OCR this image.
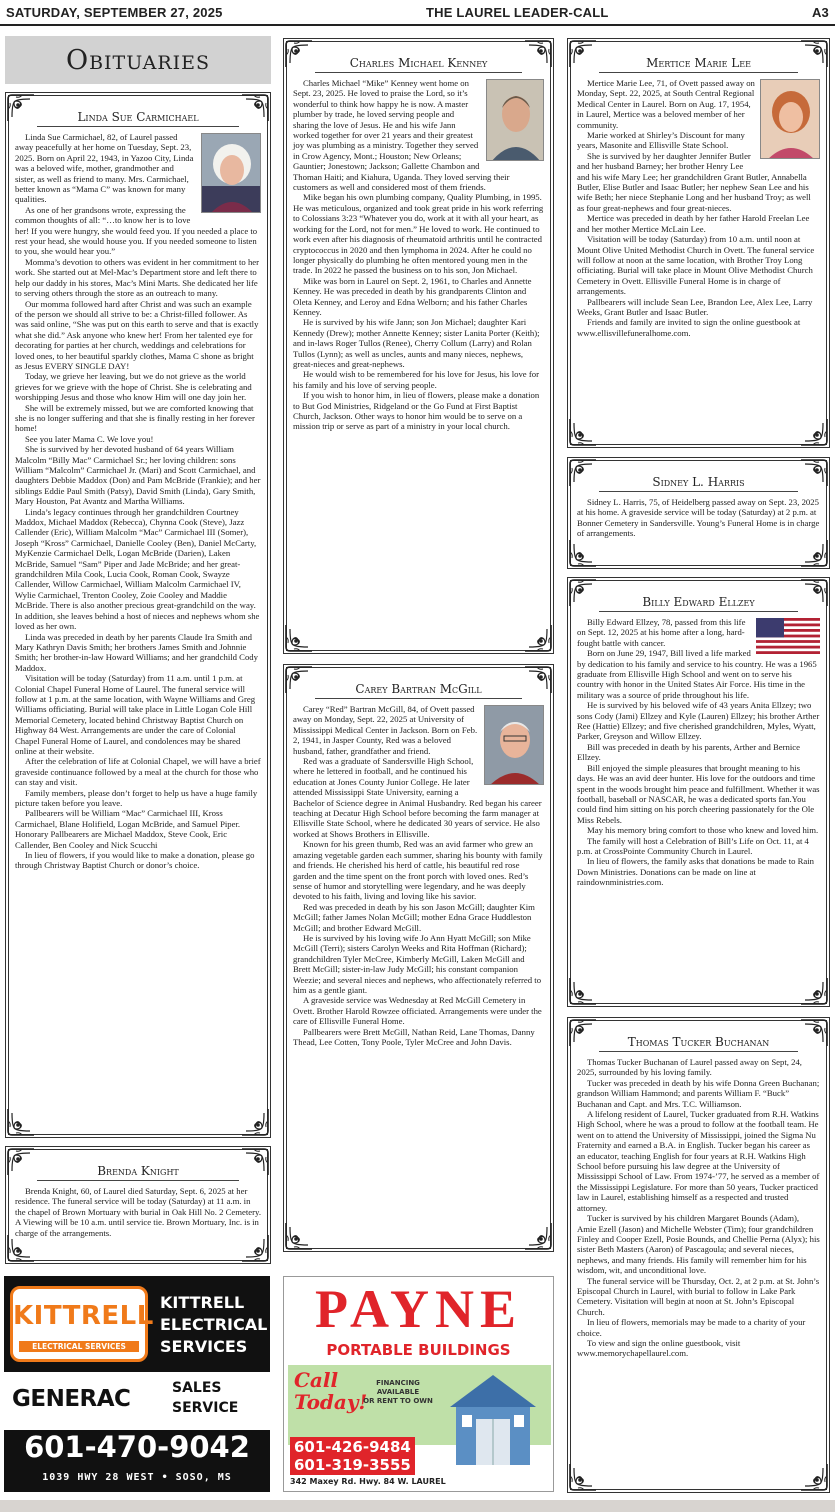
SATURDAY, SEPTEMBER 27, 2025	THE LAUREL LEADER-CALL	A3
Obituaries
Linda Sue Carmichael

Linda Sue Carmichael, 82, of Laurel passed away peacefully at her home on Tuesday, Sept. 23, 2025. Born on April 22, 1943, in Yazoo City, Linda was a beloved wife, mother, grandmother and sister, as well as friend to many. Mrs. Carmichael, better known as “Mama C” was known for many qualities.

As one of her grandsons wrote, expressing the common thoughts of all: “…to know her is to love her! If you were hungry, she would feed you. If you needed a place to rest your head, she would house you. If you needed someone to listen to you, she would hear you.”

Momma’s devotion to others was evident in her commitment to her work. She started out at Mel-Mac’s Department store and left there to help our daddy in his stores, Mac’s Mini Marts. She dedicated her life to serving others through the store as an outreach to many.

Our momma followed hard after Christ and was such an example of the person we should all strive to be: a Christ-filled follower. As was said online, “She was put on this earth to serve and that is exactly what she did.” Ask anyone who knew her! From her talented eye for decorating for parties at her church, weddings and celebrations for loved ones, to her beautiful sparkly clothes, Mama C shone as bright as Jesus EVERY SINGLE DAY!

Today, we grieve her leaving, but we do not grieve as the world grieves for we grieve with the hope of Christ. She is celebrating and worshipping Jesus and those who know Him will one day join her.

She will be extremely missed, but we are comforted knowing that she is no longer suffering and that she is finally resting in her forever home!

See you later Mama C. We love you!

She is survived by her devoted husband of 64 years William Malcolm “Billy Mac” Carmichael Sr.; her loving children: sons William “Malcolm” Carmichael Jr. (Mari) and Scott Carmichael, and daughters Debbie Maddox (Don) and Pam McBride (Frankie); and her siblings Eddie Paul Smith (Patsy), David Smith (Linda), Gary Smith, Mary Houston, Pat Avantz and Martha Williams.

Linda’s legacy continues through her grandchildren Courtney Maddox, Michael Maddox (Rebecca), Chynna Cook (Steve), Jazz Callender (Eric), William Malcolm “Mac” Carmichael III (Somer), Joseph “Kross” Carmichael, Danielle Cooley (Ben), Daniel McCarty, MyKenzie Carmichael Delk, Logan McBride (Darien), Laken McBride, Samuel “Sam” Piper and Jade McBride; and her great-grandchildren Mila Cook, Lucia Cook, Roman Cook, Swayze Callender, Willow Carmichael, William Malcolm Carmichael IV, Wylie Carmichael, Trenton Cooley, Zoie Cooley and Maddie McBride. There is also another precious great-grandchild on the way. In addition, she leaves behind a host of nieces and nephews whom she loved as her own.

Linda was preceded in death by her parents Claude Ira Smith and Mary Kathryn Davis Smith; her brothers James Smith and Johnnie Smith; her brother-in-law Howard Williams; and her grandchild Cody Maddox.

Visitation will be today (Saturday) from 11 a.m. until 1 p.m. at Colonial Chapel Funeral Home of Laurel. The funeral service will follow at 1 p.m. at the same location, with Wayne Williams and Greg Williams officiating. Burial will take place in Little Logan Cole Hill Memorial Cemetery, located behind Christway Baptist Church on Highway 84 West. Arrangements are under the care of Colonial Chapel Funeral Home of Laurel, and condolences may be shared online at their website.

After the celebration of life at Colonial Chapel, we will have a brief graveside continuance followed by a meal at the church for those who can stay and visit.

Family members, please don’t forget to help us have a huge family picture taken before you leave.

Pallbearers will be William “Mac” Carmichael III, Kross Carmichael, Blane Holifield, Logan McBride, and Samuel Piper. Honorary Pallbearers are Michael Maddox, Steve Cook, Eric Callender, Ben Cooley and Nick Scucchi

In lieu of flowers, if you would like to make a donation, please go through Christway Baptist Church or donor’s choice.

Brenda Knight

Brenda Knight, 60, of Laurel died Saturday, Sept. 6, 2025 at her residence. The funeral service will be today (Saturday) at 11 a.m. in the chapel of Brown Mortuary with burial in Oak Hill No. 2 Cemetery. A Viewing will be 10 a.m. until service tie. Brown Mortuary, Inc. is in charge of the arrangements.

Charles Michael Kenney

Charles Michael “Mike” Kenney went home on Sept. 23, 2025. He loved to praise the Lord, so it’s wonderful to think how happy he is now. A master plumber by trade, he loved serving people and sharing the love of Jesus. He and his wife Jann worked together for over 21 years and their greatest joy was plumbing as a ministry. Together they served in Crow Agency, Mont.; Houston; New Orleans; Gauntier; Jonestown; Jackson; Gallette Chambon and Thoman Haiti; and Kiahura, Uganda. They loved serving their customers as well and considered most of them friends.

Mike began his own plumbing company, Quality Plumbing, in 1995. He was meticulous, organized and took great pride in his work referring to Colossians 3:23 “Whatever you do, work at it with all your heart, as working for the Lord, not for men.” He loved to work. He continued to work even after his diagnosis of rheumatoid arthritis until he contracted cryptococcus in 2020 and then lymphoma in 2024. After he could no longer physically do plumbing he often mentored young men in the trade. In 2022 he passed the business on to his son, Jon Michael.

Mike was born in Laurel on Sept. 2, 1961, to Charles and Annette Kenney. He was preceded in death by his grandparents Clinton and Oleta Kenney, and Leroy and Edna Welborn; and his father Charles Kenney.

He is survived by his wife Jann; son Jon Michael; daughter Kari Kennedy (Drew); mother Annette Kenney; sister Lanita Porter (Keith); and in-laws Roger Tullos (Renee), Cherry Collum (Larry) and Rolan Tullos (Lynn); as well as uncles, aunts and many nieces, nephews, great-nieces and great-nephews.

He would wish to be remembered for his love for Jesus, his love for his family and his love of serving people.

If you wish to honor him, in lieu of flowers, please make a donation to But God Ministries, Ridgeland or the Go Fund at First Baptist Church, Jackson. Other ways to honor him would be to serve on a mission trip or serve as part of a ministry in your local church.

Carey Bartran McGill

Carey “Red” Bartran McGill, 84, of Ovett passed away on Monday, Sept. 22, 2025 at University of Mississippi Medical Center in Jackson. Born on Feb. 2, 1941, in Jasper County, Red was a beloved husband, father, grandfather and friend.

Red was a graduate of Sandersville High School, where he lettered in football, and he continued his education at Jones County Junior College. He later attended Mississippi State University, earning a Bachelor of Science degree in Animal Husbandry. Red began his career teaching at Decatur High School before becoming the farm manager at Ellisville State School, where he dedicated 30 years of service. He also worked at Shows Brothers in Ellisville.

Known for his green thumb, Red was an avid farmer who grew an amazing vegetable garden each summer, sharing his bounty with family and friends. He cherished his herd of cattle, his beautiful red rose garden and the time spent on the front porch with loved ones. Red’s sense of humor and storytelling were legendary, and he was deeply devoted to his faith, living and loving like his savior.

Red was preceded in death by his son Jason McGill; daughter Kim McGill; father James Nolan McGill; mother Edna Grace Huddleston McGill; and brother Edward McGill.

He is survived by his loving wife Jo Ann Hyatt McGill; son Mike McGill (Terri); sisters Carolyn Weeks and Rita Hoffman (Richard); grandchildren Tyler McCree, Kimberly McGill, Laken McGill and Brett McGill; sister-in-law Judy McGill; his constant companion Weezie; and several nieces and nephews, who affectionately referred to him as a gentle giant.

A graveside service was Wednesday at Red McGill Cemetery in Ovett. Brother Harold Rowzee officiated. Arrangements were under the care of Ellisville Funeral Home.

Pallbearers were Brett McGill, Nathan Reid, Lane Thomas, Danny Thead, Lee Cotten, Tony Poole, Tyler McCree and John Davis.

Mertice Marie Lee

Mertice Marie Lee, 71, of Ovett passed away on Monday, Sept. 22, 2025, at South Central Regional Medical Center in Laurel. Born on Aug. 17, 1954, in Laurel, Mertice was a beloved member of her community.

Marie worked at Shirley’s Discount for many years, Masonite and Ellisville State School.

She is survived by her daughter Jennifer Butler and her husband Barney; her brother Henry Lee and his wife Mary Lee; her grandchildren Grant Butler, Annabella Butler, Elise Butler and Isaac Butler; her nephew Sean Lee and his wife Beth; her niece Stephanie Long and her husband Troy; as well as four great-nephews and four great-nieces.

Mertice was preceded in death by her father Harold Freelan Lee and her mother Mertice McLain Lee.

Visitation will be today (Saturday) from 10 a.m. until noon at Mount Olive United Methodist Church in Ovett. The funeral service will follow at noon at the same location, with Brother Troy Long officiating. Burial will take place in Mount Olive Methodist Church Cemetery in Ovett. Ellisville Funeral Home is in charge of arrangements.

Pallbearers will include Sean Lee, Brandon Lee, Alex Lee, Larry Weeks, Grant Butler and Isaac Butler.

Friends and family are invited to sign the online guestbook at www.ellisvillefuneralhome.com.

Sidney L. Harris

Sidney L. Harris, 75, of Heidelberg passed away on Sept. 23, 2025 at his home. A graveside service will be today (Saturday) at 2 p.m. at Bonner Cemetery in Sandersville. Young’s Funeral Home is in charge of arrangements.

Billy Edward Ellzey

Billy Edward Ellzey, 78, passed from this life on Sept. 12, 2025 at his home after a long, hard-fought battle with cancer.

Born on June 29, 1947, Bill lived a life marked by dedication to his family and service to his country. He was a 1965 graduate from Ellisville High School and went on to serve his country with honor in the United States Air Force. His time in the military was a source of pride throughout his life.

He is survived by his beloved wife of 43 years Anita Ellzey; two sons Cody (Jami) Ellzey and Kyle (Lauren) Ellzey; his brother Arther Ree (Hattie) Ellzey; and five cherished grandchildren, Myles, Wyatt, Parker, Greyson and Willow Ellzey.

Bill was preceded in death by his parents, Arther and Bernice Ellzey.

Bill enjoyed the simple pleasures that brought meaning to his days. He was an avid deer hunter. His love for the outdoors and time spent in the woods brought him peace and fulfillment. Whether it was football, baseball or NASCAR, he was a dedicated sports fan.You could find him sitting on his porch cheering passionately for the Ole Miss Rebels.

May his memory bring comfort to those who knew and loved him.

The family will host a Celebration of Bill’s Life on Oct. 11, at 4 p.m. at CrossPointe Community Church in Laurel.

In lieu of flowers, the family asks that donations be made to Rain Down Ministries. Donations can be made on line at raindownministries.com.

Thomas Tucker Buchanan

Thomas Tucker Buchanan of Laurel passed away on Sept, 24, 2025, surrounded by his loving family.

Tucker was preceded in death by his wife Donna Green Buchanan; grandson William Hammond; and parents William F. “Buck” Buchanan and Capt. and Mrs. T.C. Williamson.

A lifelong resident of Laurel, Tucker graduated from R.H. Watkins High School, where he was a proud to follow at the football team. He went on to attend the University of Mississippi, joined the Sigma Nu Fraternity and earned a B.A. in English. Tucker began his career as an educator, teaching English for four years at R.H. Watkins High School before pursuing his law degree at the University of Mississippi School of Law. From 1974-’77, he served as a member of the Mississippi Legislature. For more than 50 years, Tucker practiced law in Laurel, establishing himself as a respected and trusted attorney.

Tucker is survived by his children Margaret Bounds (Adam), Amie Ezell (Jason) and Michelle Webster (Tim); four grandchildren Finley and Cooper Ezell, Posie Bounds, and Chellie Perna (Alyx); his sister Beth Masters (Aaron) of Pascagoula; and several nieces, nephews, and many friends. His family will remember him for his wisdom, wit, and unconditional love.

The funeral service will be Thursday, Oct. 2, at 2 p.m. at St. John’s Episcopal Church in Laurel, with burial to follow in Lake Park Cemetery. Visitation will begin at noon at St. John’s Episcopal Church.

In lieu of flowers, memorials may be made to a charity of your choice.

To view and sign the online guestbook, visit www.memorychapellaurel.com.

KITTRELL
ELECTRICAL SERVICES
KITTRELL
ELECTRICAL
SERVICES
GENERAC	SALES
SERVICE
601-470-9042
1039 HWY 28 WEST • SOSO, MS
PAYNE
PORTABLE BUILDINGS
Call
Today!
FINANCING
AVAILABLE
OR RENT TO OWN
601-426-9484
601-319-3555
342 Maxey Rd. Hwy. 84 W. LAUREL
